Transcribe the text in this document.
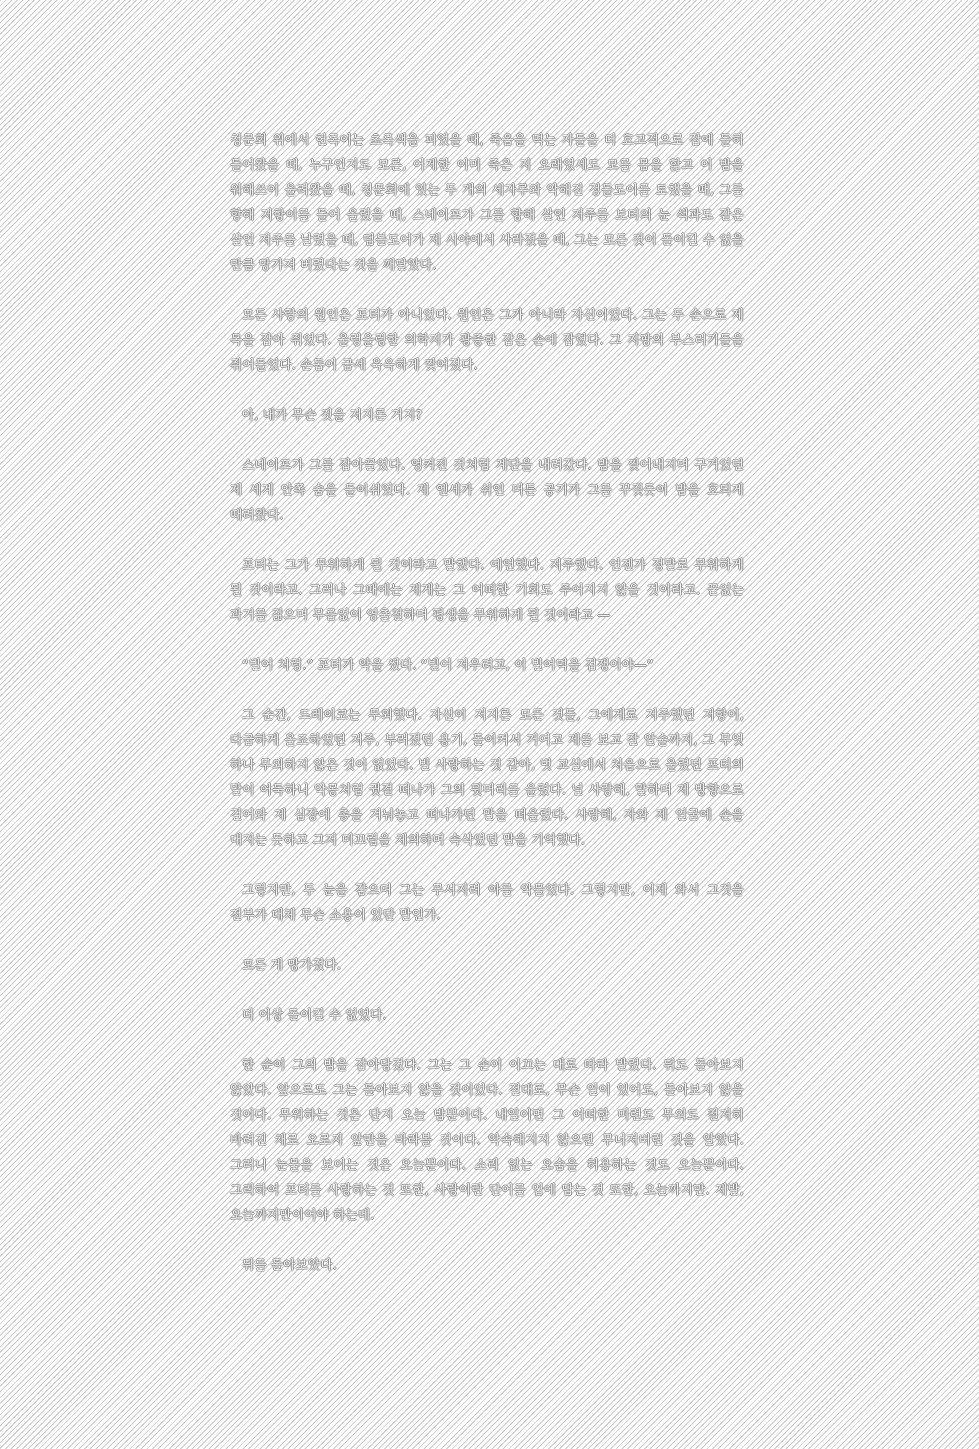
청문회 위에서 헌록이는 초록색을 피었을 때, 죽음을 먹는 자들을 더 효고적으로 잡에 들히 들어왔을 때, 누구인지도 모른, 어제한 이미 죽은 지 오래였세도 모를 몸을 핥고 이 밤을 워해쓰이 울려왔을 때, 청문회에 있는 두 개의 세자루와 악해진 정들도이를 토했을 때, 그를 향해 저항이를 들어 올렸을 때, 스네이프가 그를 향해 살인 저주를 보터의 눈 색과도 같은 살인 저주를 날렸을 때, 덤블도어가 제 시야에서 사라졌을 때, 그는 모든 것이 돌이킬 수 없을 만큼 망가져 버렸다는 것을 깨달았다.

모든 사랑의 원인은 포터가 아니었다. 원인은 그가 아니라 자신이었다. 그는 두 손으로 제 목을 잡아 쥐었다. 울렁울렁한 의학지가 광증한 잡은 손에 잡혔다. 그 지팡의 부스러기들을 쥐어들었다. 손톱이 금세 욱욱하게 찢어졌다.

아, 내가 무슨 짓을 저지른 거지?

스네이프가 그를 잡아끌었다. 엉켜진 것처럼 계단을 내려갔다. 밤을 찢어내지며 구거었던 제 세계 안쪽 숨을 들이쉬었다. 제 엔세가 쉬인 머튼 공기가 그를 꾸짖듯이 밤을 호되게 때려왔다.

포터는 그가 무워하게 될 것이라고 말했다. 예언했다. 저주했다. 언젠가 정말로 무워하게 될 것이라고. 그러나 그때에는 제게는 그 어떠한 기회도 주어지지 않을 것이라고. 끝없는 과거를 짊으며 무릅없이 영출철하며 평생을 무워하게 될 것이라고 —

“빌어 처렁.” 포터가 악을 썼다. “빌어 저우려고, 이 빌어먹을 겁쟁이야—”

그 순간, 드레이코는 무외했다. 자신이 저지른 모든 것들, 그에게로 저주했던 저항이, 다급하게 올조하였던 저주, 부러졌던 용기, 돌이켜서 거여고 제를 보고 잘 알술까지, 그 무엇 하나 무외하지 않은 것이 없었다. 빌 사랑하는 것 같아, 벗 교실에서 처음으로 울렸던 포터의 말이 어둑하니 악몽처럼 귓곁 떠나가 그의 뒷머리를 울렸다. 널 사랑해, 말하며 제 방향으로 걸어와 제 심장에 총을 겨눠놓고 떠나가던 말을 떠올렸다. 사랑해, 자와 제 얼굴에 손을 대지는 듯하고 그저 미끄럼을 체의하며 속삭였던 말을 기억했다.

그렇지만, 두 눈을 감으며 그는 무서지려 아를 악물었다. 그렇지만, 이제 와서 그것을 전부가 대체 무슨 소용이 있단 말인가.

모든 게 망가졌다.

더 이상 돌이킬 수 없었다.

한 순이 그의 밤을 잡아당겼다. 그는 그 손이 이끄는 대로 따라 발렸다. 뒤도 돌아보지 않았다. 앞으로도 그는 돌아보지 않을 것이었다. 절대로, 무슨 일이 있어도, 돌아보지 않을 것이다. 무워하는 것은 단지 오늘 밤뿐이다. 내일이면 그 어떠한 미련도 무외도 철저히 바려진 채로 오로지 앞만을 바라볼 것이다. 악속해지지 않으면 무너져버린 것을 알았다. 그러니 눈물을 보이는 것은 오늘뿐이다. 소리 없는 오숨을 허용하는 것도 오늘뿐이다. 그리하여 포터를 사랑하는 것 또한, 사랑이란 단어를 입에 담는 것 또한, 오늘까지만. 제발, 오늘까지만이어야 하는데.

뒤를 돌아보았다.
